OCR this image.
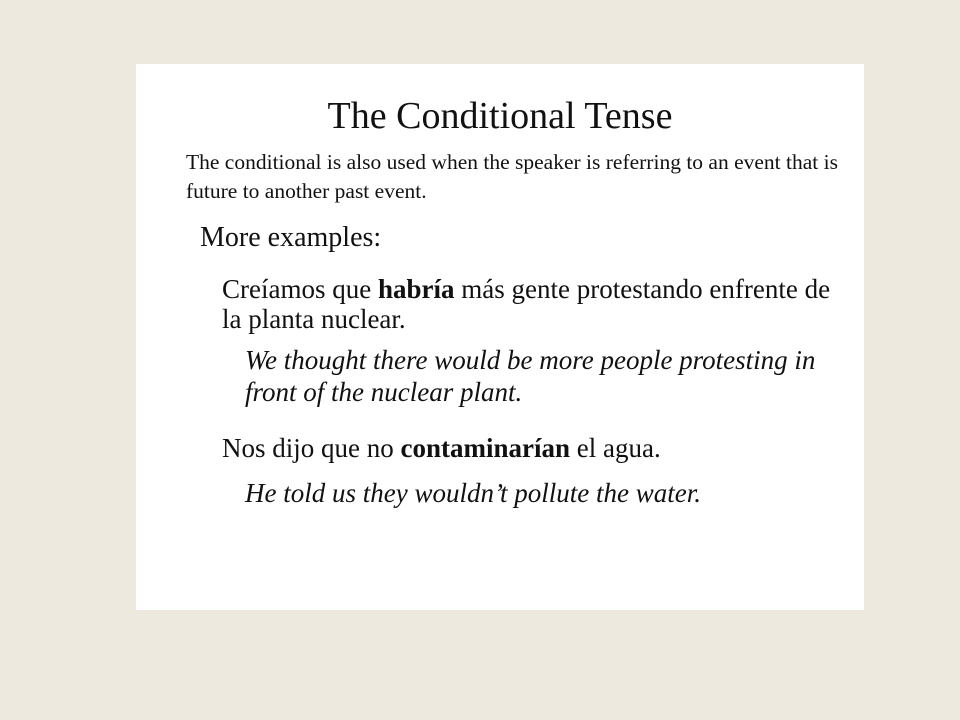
The Conditional Tense

The conditional is also used when the speaker is referring to an event that is future to another past event.

More examples:

Creíamos que habría más gente protestando enfrente de la planta nuclear.

We thought there would be more people protesting in front of the nuclear plant.

Nos dijo que no contaminarían el agua.

He told us they wouldn’t pollute the water.
